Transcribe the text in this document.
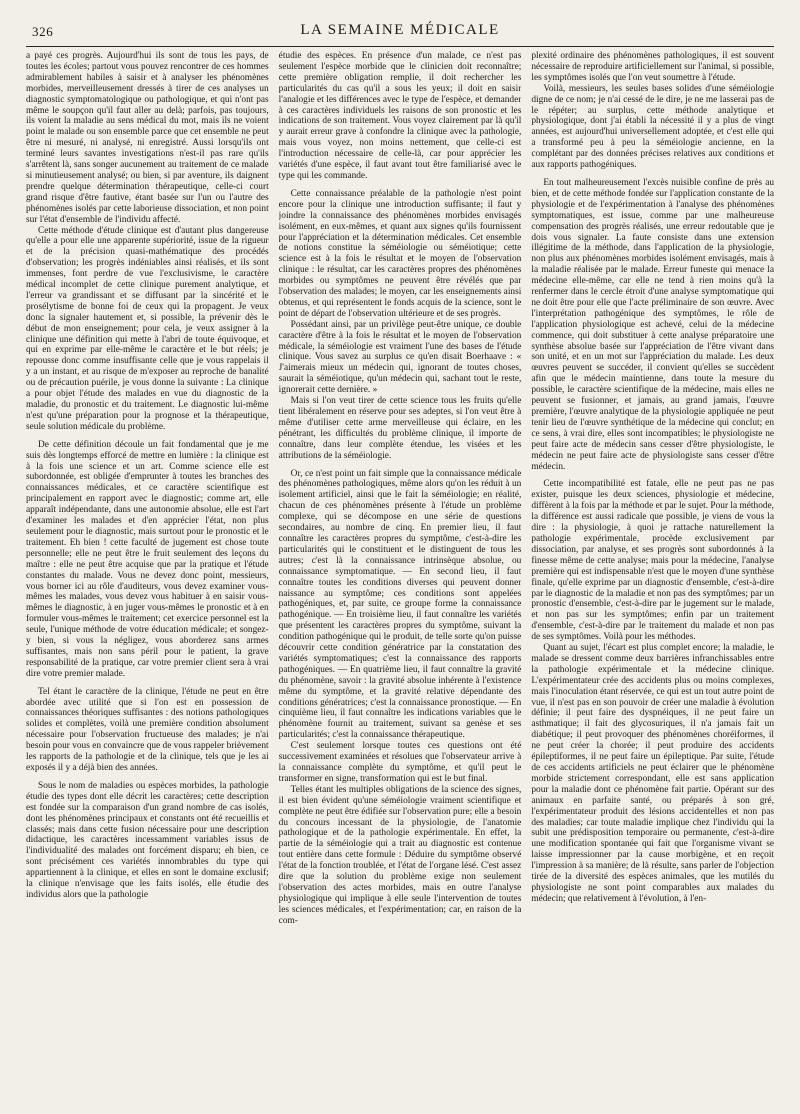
326	LA SEMAINE MÉDICALE

a payé ces progrès. Aujourd'hui ils sont de tous les pays, de toutes les écoles; partout vous pouvez rencontrer de ces hommes admirablement habiles à saisir et à analyser les phénomènes morbides, merveilleusement dressés à tirer de ces analyses un diagnostic symptomatologique ou pathologique, et qui n'ont pas même le soupçon qu'il faut aller au delà; parfois, pas toujours, ils voient la maladie au sens médical du mot, mais ils ne voient point le malade ou son ensemble parce que cet ensemble ne peut être ni mesuré, ni analysé, ni enregistré. Aussi lorsqu'ils ont terminé leurs savantes investigations n'est-il pas rare qu'ils s'arrêtent là, sans songer aucunement au traitement de ce malade si minutieusement analysé; ou bien, si par aventure, ils daignent prendre quelque détermination thérapeutique, celle-ci court grand risque d'être fautive, étant basée sur l'un ou l'autre des phénomènes isolés par cette laborieuse dissociation, et non point sur l'état d'ensemble de l'individu affecté.

Cette méthode d'étude clinique est d'autant plus dangereuse qu'elle a pour elle une apparente supériorité, issue de la rigueur et de la précision quasi-mathématique des procédés d'observation; les progrès indéniables ainsi réalisés, et ils sont immenses, font perdre de vue l'exclusivisme, le caractère médical incomplet de cette clinique purement analytique, et l'erreur va grandissant et se diffusant par la sincérité et le prosélytisme de bonne foi de ceux qui la propagent. Je veux donc la signaler hautement et, si possible, la prévenir dès le début de mon enseignement; pour cela, je veux assigner à la clinique une définition qui mette à l'abri de toute équivoque, et qui en exprime par elle-même le caractère et le but réels; je repousse donc comme insuffisante celle que je vous rappelais il y a un instant, et au risque de m'exposer au reproche de banalité ou de précaution puérile, je vous donne la suivante : La clinique a pour objet l'étude des malades en vue du diagnostic de la maladie, du pronostic et du traitement. Le diagnostic lui-même n'est qu'une préparation pour la prognose et la thérapeutique, seule solution médicale du problème.

De cette définition découle un fait fondamental que je me suis dès longtemps efforcé de mettre en lumière : la clinique est à la fois une science et un art. Comme science elle est subordonnée, est obligée d'emprunter à toutes les branches des connaissances médicales, et ce caractère scientifique est principalement en rapport avec le diagnostic; comme art, elle apparaît indépendante, dans une autonomie absolue, elle est l'art d'examiner les malades et d'en apprécier l'état, non plus seulement pour le diagnostic, mais surtout pour le pronostic et le traitement. Eh bien ! cette faculté de jugement est chose toute personnelle; elle ne peut être le fruit seulement des leçons du maître : elle ne peut être acquise que par la pratique et l'étude constantes du malade. Vous ne devez donc point, messieurs, vous borner ici au rôle d'auditeurs, vous devez examiner vous-mêmes les malades, vous devez vous habituer à en saisir vous-mêmes le diagnostic, à en juger vous-mêmes le pronostic et à en formuler vous-mêmes le traitement; cet exercice personnel est la seule, l'unique méthode de votre éducation médicale; et songez-y bien, si vous la négligez, vous aborderez sans armes suffisantes, mais non sans péril pour le patient, la grave responsabilité de la pratique, car votre premier client sera à vrai dire votre premier malade.

Tel étant le caractère de la clinique, l'étude ne peut en être abordée avec utilité que si l'on est en possession de connaissances théoriques suffisantes : des notions pathologiques solides et complètes, voilà une première condition absolument nécessaire pour l'observation fructueuse des malades; je n'ai besoin pour vous en convaincre que de vous rappeler brièvement les rapports de la pathologie et de la clinique, tels que je les ai exposés il y a déjà bien des années.

Sous le nom de maladies ou espèces morbides, la pathologie étudie des types dont elle décrit les caractères; cette description est fondée sur la comparaison d'un grand nombre de cas isolés, dont les phénomènes principaux et constants ont été recueillis et classés; mais dans cette fusion nécessaire pour une description didactique, les caractères incessamment variables issus de l'individualité des malades ont forcément disparu; eh bien, ce sont précisément ces variétés innombrables du type qui appartiennent à la clinique, et elles en sont le domaine exclusif; la clinique n'envisage que les faits isolés, elle étudie des individus alors que la pathologie

étudie des espèces. En présence d'un malade, ce n'est pas seulement l'espèce morbide que le clinicien doit reconnaître; cette première obligation remplie, il doit rechercher les particularités du cas qu'il a sous les yeux; il doit en saisir l'analogie et les différences avec le type de l'espèce, et demander à ces caractères individuels les raisons de son pronostic et les indications de son traitement. Vous voyez clairement par là qu'il y aurait erreur grave à confondre la clinique avec la pathologie, mais vous voyez, non moins nettement, que celle-ci est l'introduction nécessaire de celle-là, car pour apprécier les variétés d'une espèce, il faut avant tout être familiarisé avec le type qui les commande.

Cette connaissance préalable de la pathologie n'est point encore pour la clinique une introduction suffisante; il faut y joindre la connaissance des phénomènes morbides envisagés isolément, en eux-mêmes, et quant aux signes qu'ils fournissent pour l'appréciation et la détermination médicales. Cet ensemble de notions constitue la séméiologie ou séméiotique; cette science est à la fois le résultat et le moyen de l'observation clinique : le résultat, car les caractères propres des phénomènes morbides ou symptômes ne peuvent être révélés que par l'observation des malades; le moyen, car les enseignements ainsi obtenus, et qui représentent le fonds acquis de la science, sont le point de départ de l'observation ultérieure et de ses progrès.

Possédant ainsi, par un privilège peut-être unique, ce double caractère d'être à la fois le résultat et le moyen de l'observation médicale, la séméiologie est vraiment l'une des bases de l'étude clinique. Vous savez au surplus ce qu'en disait Boerhaave : « J'aimerais mieux un médecin qui, ignorant de toutes choses, saurait la séméiotique, qu'un médecin qui, sachant tout le reste, ignorerait cette dernière. »

Mais si l'on veut tirer de cette science tous les fruits qu'elle tient libéralement en réserve pour ses adeptes, si l'on veut être à même d'utiliser cette arme merveilleuse qui éclaire, en les pénétrant, les difficultés du problème clinique, il importe de connaître, dans leur complète étendue, les visées et les attributions de la séméiologie.

Or, ce n'est point un fait simple que la connaissance médicale des phénomènes pathologiques, même alors qu'on les réduit à un isolement artificiel, ainsi que le fait la séméiologie; en réalité, chacun de ces phénomènes présente à l'étude un problème complexe, qui se décompose en une série de questions secondaires, au nombre de cinq. En premier lieu, il faut connaître les caractères propres du symptôme, c'est-à-dire les particularités qui le constituent et le distinguent de tous les autres; c'est là la connaissance intrinsèque absolue, ou connaissance symptomatique. — En second lieu, il faut connaître toutes les conditions diverses qui peuvent donner naissance au symptôme; ces conditions sont appelées pathogéniques, et, par suite, ce groupe forme la connaissance pathogénique. — En troisième lieu, il faut connaître les variétés que présentent les caractères propres du symptôme, suivant la condition pathogénique qui le produit, de telle sorte qu'on puisse découvrir cette condition génératrice par la constatation des variétés symptomatiques; c'est la connaissance des rapports pathogéniques. — En quatrième lieu, il faut connaître la gravité du phénomène, savoir : la gravité absolue inhérente à l'existence même du symptôme, et la gravité relative dépendante des conditions génératrices; c'est la connaissance pronostique. — En cinquième lieu, il faut connaître les indications variables que le phénomène fournit au traitement, suivant sa genèse et ses particularités; c'est la connaissance thérapeutique.

C'est seulement lorsque toutes ces questions ont été successivement examinées et résolues que l'observateur arrive à la connaissance complète du symptôme, et qu'il peut le transformer en signe, transformation qui est le but final.

Telles étant les multiples obligations de la science des signes, il est bien évident qu'une séméiologie vraiment scientifique et complète ne peut être édifiée sur l'observation pure; elle a besoin du concours incessant de la physiologie, de l'anatomie pathologique et de la pathologie expérimentale. En effet, la partie de la séméiologie qui a trait au diagnostic est contenue tout entière dans cette formule : Déduire du symptôme observé l'état de la fonction troublée, et l'état de l'organe lésé. C'est assez dire que la solution du problème exige non seulement l'observation des actes morbides, mais en outre l'analyse physiologique qui implique à elle seule l'intervention de toutes les sciences médicales, et l'expérimentation; car, en raison de la com-

plexité ordinaire des phénomènes pathologiques, il est souvent nécessaire de reproduire artificiellement sur l'animal, si possible, les symptômes isolés que l'on veut soumettre à l'étude.

Voilà, messieurs, les seules bases solides d'une séméiologie digne de ce nom; je n'ai cessé de le dire, je ne me lasserai pas de le répéter; au surplus, cette méthode analytique et physiologique, dont j'ai établi la nécessité il y a plus de vingt années, est aujourd'hui universellement adoptée, et c'est elle qui a transformé peu à peu la séméiologie ancienne, en la complétant par des données précises relatives aux conditions et aux rapports pathogéniques.

En tout malheureusement l'excès nuisible confine de près au bien, et de cette méthode fondée sur l'application constante de la physiologie et de l'expérimentation à l'analyse des phénomènes symptomatiques, est issue, comme par une malheureuse compensation des progrès réalisés, une erreur redoutable que je dois vous signaler. La faute consiste dans une extension illégitime de la méthode, dans l'application de la physiologie, non plus aux phénomènes morbides isolément envisagés, mais à la maladie réalisée par le malade. Erreur funeste qui menace la médecine elle-même, car elle ne tend à rien moins qu'à la renfermer dans le cercle étroit d'une analyse symptomatique qui ne doit être pour elle que l'acte préliminaire de son œuvre. Avec l'interprétation pathogénique des symptômes, le rôle de l'application physiologique est achevé, celui de la médecine commence, qui doit substituer à cette analyse préparatoire une synthèse absolue basée sur l'appréciation de l'être vivant dans son unité, et en un mot sur l'appréciation du malade. Les deux œuvres peuvent se succéder, il convient qu'elles se succèdent afin que le médecin maintienne, dans toute la mesure du possible, le caractère scientifique de la médecine, mais elles ne peuvent se fusionner, et jamais, au grand jamais, l'œuvre première, l'œuvre analytique de la physiologie appliquée ne peut tenir lieu de l'œuvre synthétique de la médecine qui conclut; en ce sens, à vrai dire, elles sont incompatibles; le physiologiste ne peut faire acte de médecin sans cesser d'être physiologiste, le médecin ne peut faire acte de physiologiste sans cesser d'être médecin.

Cette incompatibilité est fatale, elle ne peut pas ne pas exister, puisque les deux sciences, physiologie et médecine, diffèrent à la fois par la méthode et par le sujet. Pour la méthode, la différence est aussi radicale que possible, je viens de vous la dire : la physiologie, à quoi je rattache naturellement la pathologie expérimentale, procède exclusivement par dissociation, par analyse, et ses progrès sont subordonnés à la finesse même de cette analyse; mais pour la médecine, l'analyse première qui est indispensable n'est que le moyen d'une synthèse finale, qu'elle exprime par un diagnostic d'ensemble, c'est-à-dire par le diagnostic de la maladie et non pas des symptômes; par un pronostic d'ensemble, c'est-à-dire par le jugement sur le malade, et non pas sur les symptômes; enfin par un traitement d'ensemble, c'est-à-dire par le traitement du malade et non pas de ses symptômes. Voilà pour les méthodes.

Quant au sujet, l'écart est plus complet encore; la maladie, le malade se dressent comme deux barrières infranchissables entre la pathologie expérimentale et la médecine clinique. L'expérimentateur crée des accidents plus ou moins complexes, mais l'inoculation étant réservée, ce qui est un tout autre point de vue, il n'est pas en son pouvoir de créer une maladie à évolution définie; il peut faire des dyspnéiques, il ne peut faire un asthmatique; il fait des glycosuriques, il n'a jamais fait un diabétique; il peut provoquer des phénomènes choréiformes, il ne peut créer la chorée; il peut produire des accidents épileptiformes, il ne peut faire un épileptique. Par suite, l'étude de ces accidents artificiels ne peut éclairer que le phénomène morbide strictement correspondant, elle est sans application pour la maladie dont ce phénomène fait partie. Opérant sur des animaux en parfaite santé, ou préparés à son gré, l'expérimentateur produit des lésions accidentelles et non pas des maladies; car toute maladie implique chez l'individu qui la subit une prédisposition temporaire ou permanente, c'est-à-dire une modification spontanée qui fait que l'organisme vivant se laisse impressionner par la cause morbigène, et en reçoit l'impression à sa manière; de là résulte, sans parler de l'objection tirée de la diversité des espèces animales, que les mutilés du physiologiste ne sont point comparables aux malades du médecin; que relativement à l'évolution, à l'en-
